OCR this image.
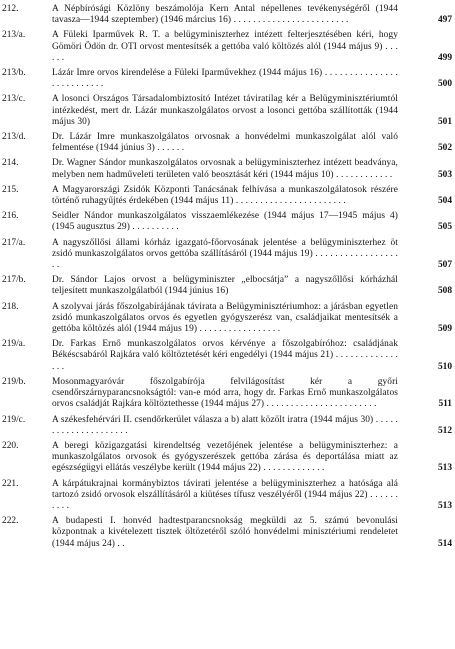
212.	A Népbírósági Közlöny beszámolója Kern Antal népellenes tevékenységéről (1944 tavasza—1944 szeptember) (1946 március 16) . . . . . . . . . . . . . . . . . . . . . . . .	497
213/a.	A Füleki Iparművek R. T. a belügyminiszterhez intézett felterjesztésében kéri, hogy Gömöri Ödön dr. OTI orvost mentesítsék a gettóba való költözés alól (1944 május 9) . . . . . .	499
213/b.	Lázár Imre orvos kirendelése a Füleki Iparművekhez (1944 május 16) . . . . . . . . . . . . . . . . . . . . . . . . . .	500
213/c.	A losonci Országos Társadalombiztosító Intézet táviratilag kér a Belügyminisztériumtól intézkedést, mert dr. Lázár munkaszolgálatos orvost a losonci gettóba szállították (1944 május 30)	501
213/d.	Dr. Lázár Imre munkaszolgálatos orvosnak a honvédelmi munkaszolgálat alól való felmentése (1944 június 3) . . . . . .	502
214.	Dr. Wagner Sándor munkaszolgálatos orvosnak a belügyminiszterhez intézett beadványa, melyben nem hadműveleti területen való beosztását kéri (1944 május 10) . . . . . . . . . . . .	503
215.	A Magyarországi Zsidók Központi Tanácsának felhívása a munkaszolgálatosok részére történő ruhagyűjtés érdekében (1944 május 11) . . . . . . . . . . . . . . . . . . . . . . .	504
216.	Seidler Nándor munkaszolgálatos visszaemlékezése (1944 május 17—1945 május 4) (1945 augusztus 29) . . . . . . . . . .	505
217/a.	A nagyszőllősi állami kórház igazgató-főorvosának jelentése a belügyminiszterhez öt zsidó munkaszolgálatos orvos gettóba szállításáról (1944 május 19) . . . . . . . . . . . . . . . . . . .	507
217/b.	Dr. Sándor Lajos orvost a belügyminiszter „elbocsátja” a nagyszőllősi kórházhál teljesített munkaszolgálatból (1944 június 16)	508
218.	A szolyvai járás főszolgabírájának távirata a Belügyminisztériumhoz: a járásban egyetlen zsidó munkaszolgálatos orvos és egyetlen gyógyszerész van, családjaikat mentesítsék a gettóba költözés alól (1944 május 19) . . . . . . . . . . . . . . . . .	509
219/a.	Dr. Farkas Ernő munkaszolgálatos orvos kérvénye a főszolgabíróhoz: családjának Békéscsabáról Rajkára való költöztetését kéri engedélyi (1944 május 21) . . . . . . . . . . . . . . . .	510
219/b.	Mosonmagyaróvár főszolgabírója felvilágosítást kér a győri csendőrszárnyparancsnokságtól: van-e mód arra, hogy dr. Farkas Ernő munkaszolgálatos orvos családját Rajkára költöztethesse (1944 május 27) . . . . . . . . . . . . . . . . . . . . . . .	511
219/c.	A székesfehérvári II. csendőrkerület válasza a b) alatt közölt iratra (1944 május 30) . . . . . . . . . . . . . . . . . . . . .	512
220.	A beregi közigazgatási kirendeltség vezetőjének jelentése a belügyminiszterhez: a munkaszolgálatos orvosok és gyógyszerészek gettóba zárása és deportálása miatt az egészségügyi ellátás veszélybe került (1944 május 22) . . . . . . . . . . . . .	513
221.	A kárpátukrajnai kormánybiztos távirati jelentése a belügyminiszterhez a hatósága alá tartozó zsidó orvosok elszállításáról a kiütéses tífusz veszélyéről (1944 május 22) . . . . . . . . . .	513
222.	A budapesti I. honvéd hadtestparancsnokság megküldi az 5. számú bevonulási központnak a kivételezett tisztek öltözetéről szóló honvédelmi minisztériumi rendeletet (1944 május 24) . .	514
